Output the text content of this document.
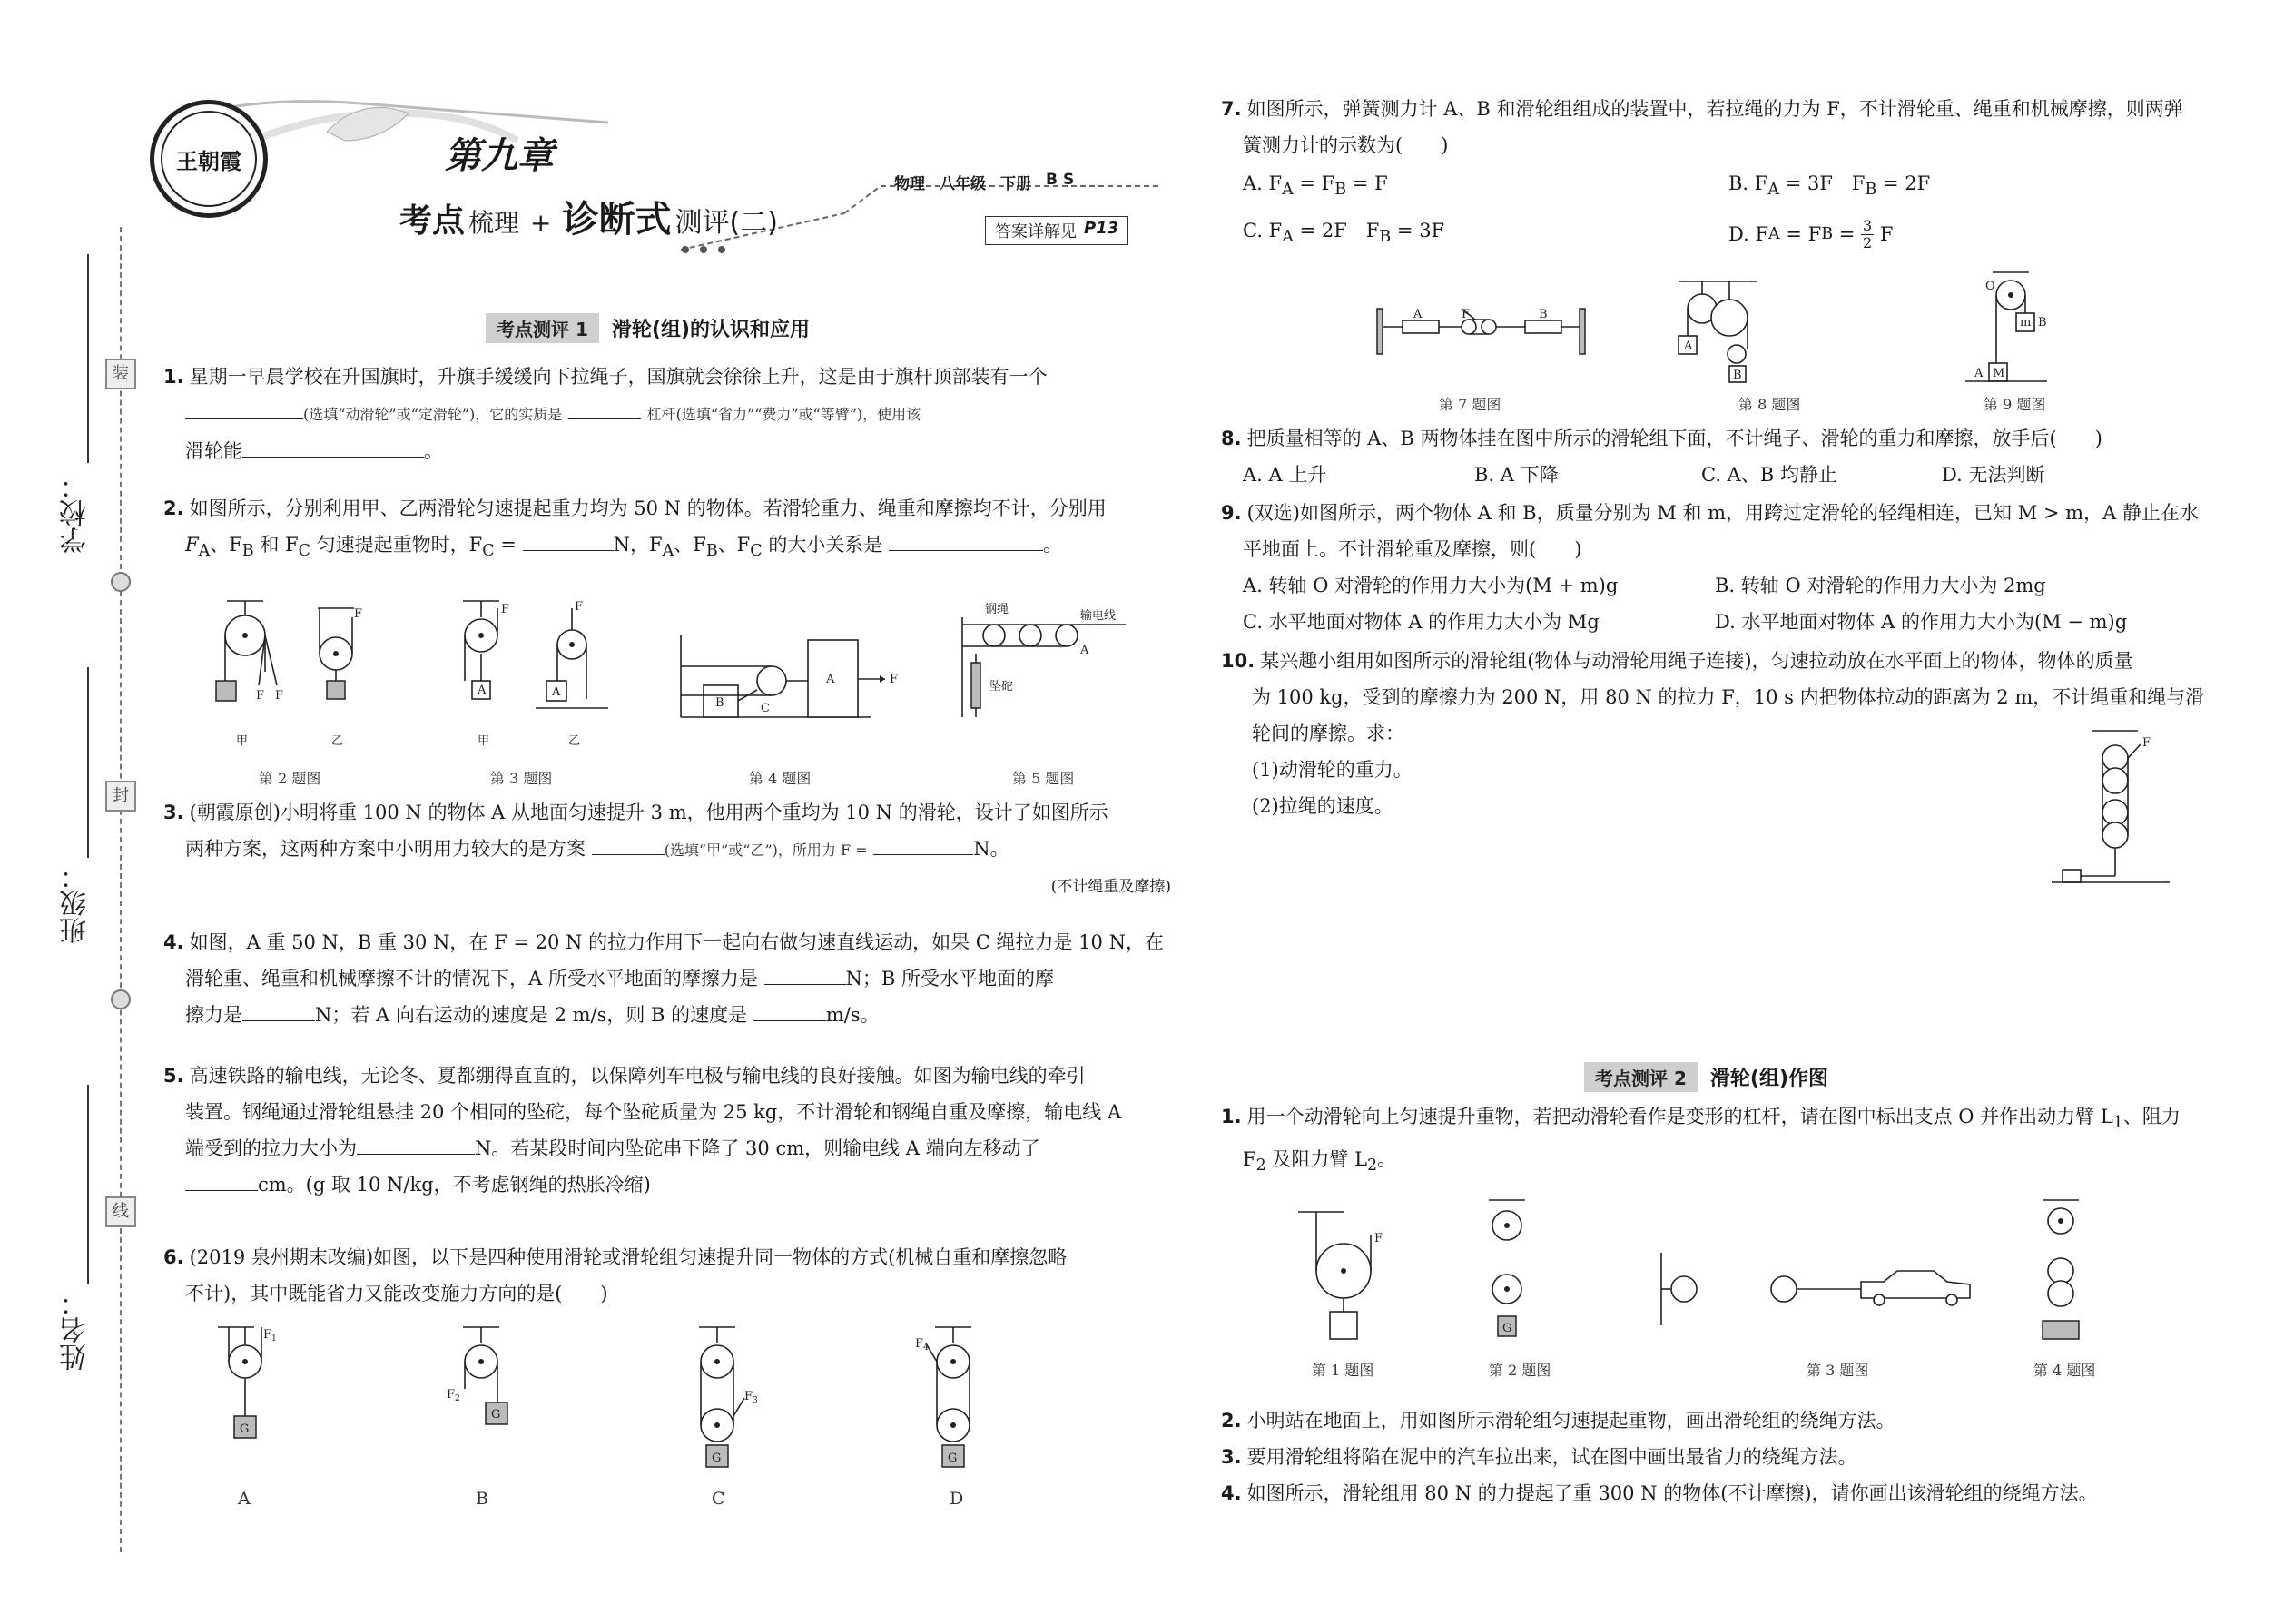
学校：
班级：
姓名：
装
封
线
王朝霞	第九章
考点 梳理 + 诊断式 测评(二)
物理 八年级 下册 BS
答案详解见 P13
考点测评 1	滑轮(组)的认识和应用
1. 星期一早晨学校在升国旗时，升旗手缓缓向下拉绳子，国旗就会徐徐上升，这是由于旗杆顶部装有一个
(选填“动滑轮”或“定滑轮”)，它的实质是	杠杆(选填“省力”“费力”或“等臂”)，使用该
滑轮能	。
2. 如图所示，分别利用甲、乙两滑轮匀速提起重力均为 50 N 的物体。若滑轮重力、绳重和摩擦均不计，分别用
$F_A$、$F_B$ 和 $F_C$ 匀速提起重物时，$F_C$ =	N，$F_A$、$F_B$、$F_C$ 的大小关系是	。
F F
甲
F
乙
F	F
A	A
甲	乙
B	C
A	F
钢绳	输电线
A
坠砣
第 2 题图	第 3 题图	第 4 题图	第 5 题图
3. (朝霞原创)小明将重 100 N 的物体 A 从地面匀速提升 3 m，他用两个重均为 10 N 的滑轮，设计了如图所示
两种方案，这两种方案中小明用力较大的是方案	(选填“甲”或“乙”)，所用力 F =	N。
(不计绳重及摩擦)
4. 如图，A 重 50 N，B 重 30 N，在 F = 20 N 的拉力作用下一起向右做匀速直线运动，如果 C 绳拉力是 10 N，在
滑轮重、绳重和机械摩擦不计的情况下，A 所受水平地面的摩擦力是	N；B 所受水平地面的摩
擦力是	N；若 A 向右运动的速度是 2 m/s，则 B 的速度是	m/s。
5. 高速铁路的输电线，无论冬、夏都绷得直直的，以保障列车电极与输电线的良好接触。如图为输电线的牵引
装置。钢绳通过滑轮组悬挂 20 个相同的坠砣，每个坠砣质量为 25 kg，不计滑轮和钢绳自重及摩擦，输电线 A
端受到的拉力大小为	N。若某段时间内坠砣串下降了 30 cm，则输电线 A 端向左移动了
cm。(g 取 10 N/kg，不考虑钢绳的热胀冷缩)
6. (2019 泉州期末改编)如图，以下是四种使用滑轮或滑轮组匀速提升同一物体的方式(机械自重和摩擦忽略
不计)，其中既能省力又能改变施力方向的是(　　)
$F_1$
G
$F_2$
G
$F_3$
G
$F_4$
G
A	B	C	D
7. 如图所示，弹簧测力计 A、B 和滑轮组组成的装置中，若拉绳的力为 F，不计滑轮重、绳重和机械摩擦，则两弹
簧测力计的示数为(　　)
A. $F_A = F_B = F$	B. $F_A = 3F$　$F_B = 2F$
C. $F_A = 2F$　$F_B = 3F$	D. F A
= F B
=
$\frac{3}{2}$
F
A	F	B
A
B
O
m B
A M
第 7 题图	第 8 题图	第 9 题图
8. 把质量相等的 A、B 两物体挂在图中所示的滑轮组下面，不计绳子、滑轮的重力和摩擦，放手后(　　)
A. A 上升	B. A 下降	C. A、B 均静止	D. 无法判断
9. (双选)如图所示，两个物体 A 和 B，质量分别为 M 和 m，用跨过定滑轮的轻绳相连，已知 M > m，A 静止在水
平地面上。不计滑轮重及摩擦，则(　　)
A. 转轴 O 对滑轮的作用力大小为(M + m)g	B. 转轴 O 对滑轮的作用力大小为 2mg
C. 水平地面对物体 A 的作用力大小为 Mg	D. 水平地面对物体 A 的作用力大小为(M − m)g
10. 某兴趣小组用如图所示的滑轮组(物体与动滑轮用绳子连接)，匀速拉动放在水平面上的物体，物体的质量
为 100 kg，受到的摩擦力为 200 N，用 80 N 的拉力 F，10 s 内把物体拉动的距离为 2 m，不计绳重和绳与滑
轮间的摩擦。求：
(1)动滑轮的重力。
(2)拉绳的速度。
F
考点测评 2	滑轮(组)作图
1. 用一个动滑轮向上匀速提升重物，若把动滑轮看作是变形的杠杆，请在图中标出支点 O 并作出动力臂 $L_1$、阻力
$F_2$ 及阻力臂 $L_2$。
F
G
第 1 题图	第 2 题图	第 3 题图	第 4 题图
2. 小明站在地面上，用如图所示滑轮组匀速提起重物，画出滑轮组的绕绳方法。
3. 要用滑轮组将陷在泥中的汽车拉出来，试在图中画出最省力的绕绳方法。
4. 如图所示，滑轮组用 80 N 的力提起了重 300 N 的物体(不计摩擦)，请你画出该滑轮组的绕绳方法。
